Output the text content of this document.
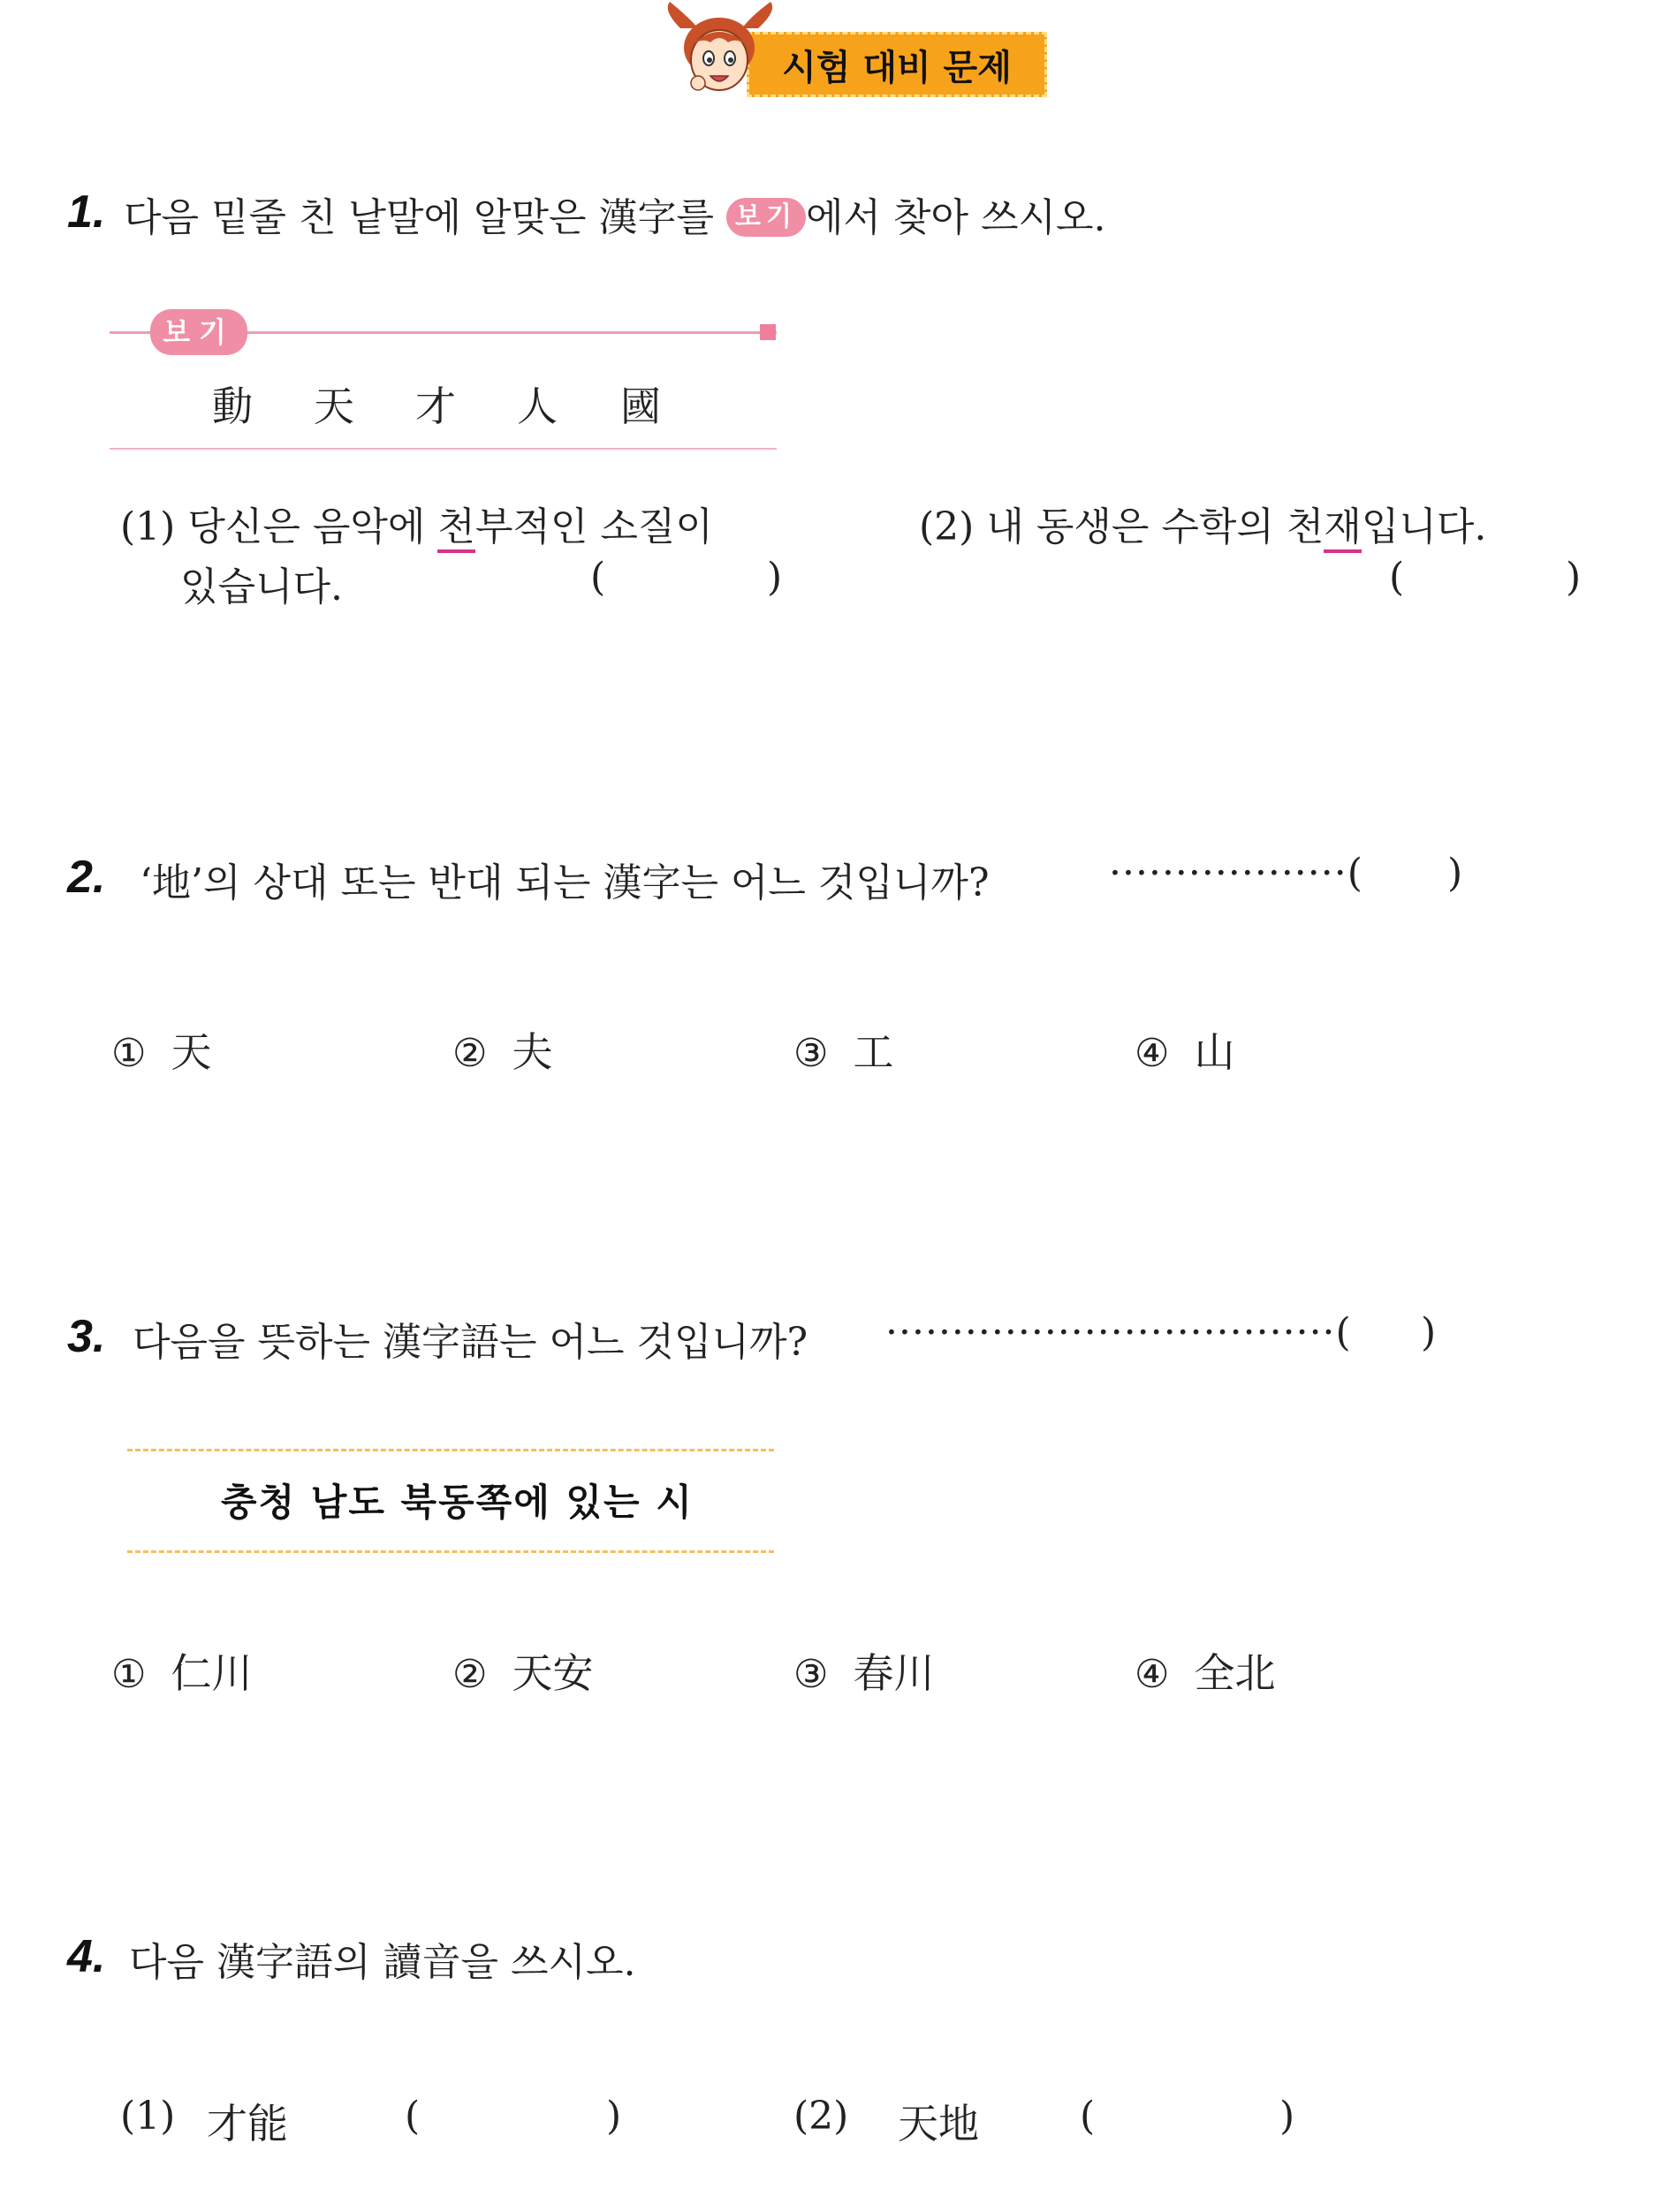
시험 대비 문제
1. 다음 밑줄 친 낱말에 알맞은 漢字를 보기 에서 찾아 쓰시오.
보기
動 天 才 人 國
(1) 당신은 음악에 천부적인 소질이
있습니다.	(	)
(2) 내 동생은 수학의 천재입니다.
(	)
2. ‘地’의 상대 또는 반대 되는 漢字는 어느 것입니까?	··················( )
① 天	② 夫	③ 工	④ 山
3. 다음을 뜻하는 漢字語는 어느 것입니까? ··································( )
충청 남도 북동쪽에 있는 시
① 仁川	② 天安	③ 春川	④ 全北
4. 다음 漢字語의 讀音을 쓰시오.
(1) 才能	(	)	(2) 天地	(	)
